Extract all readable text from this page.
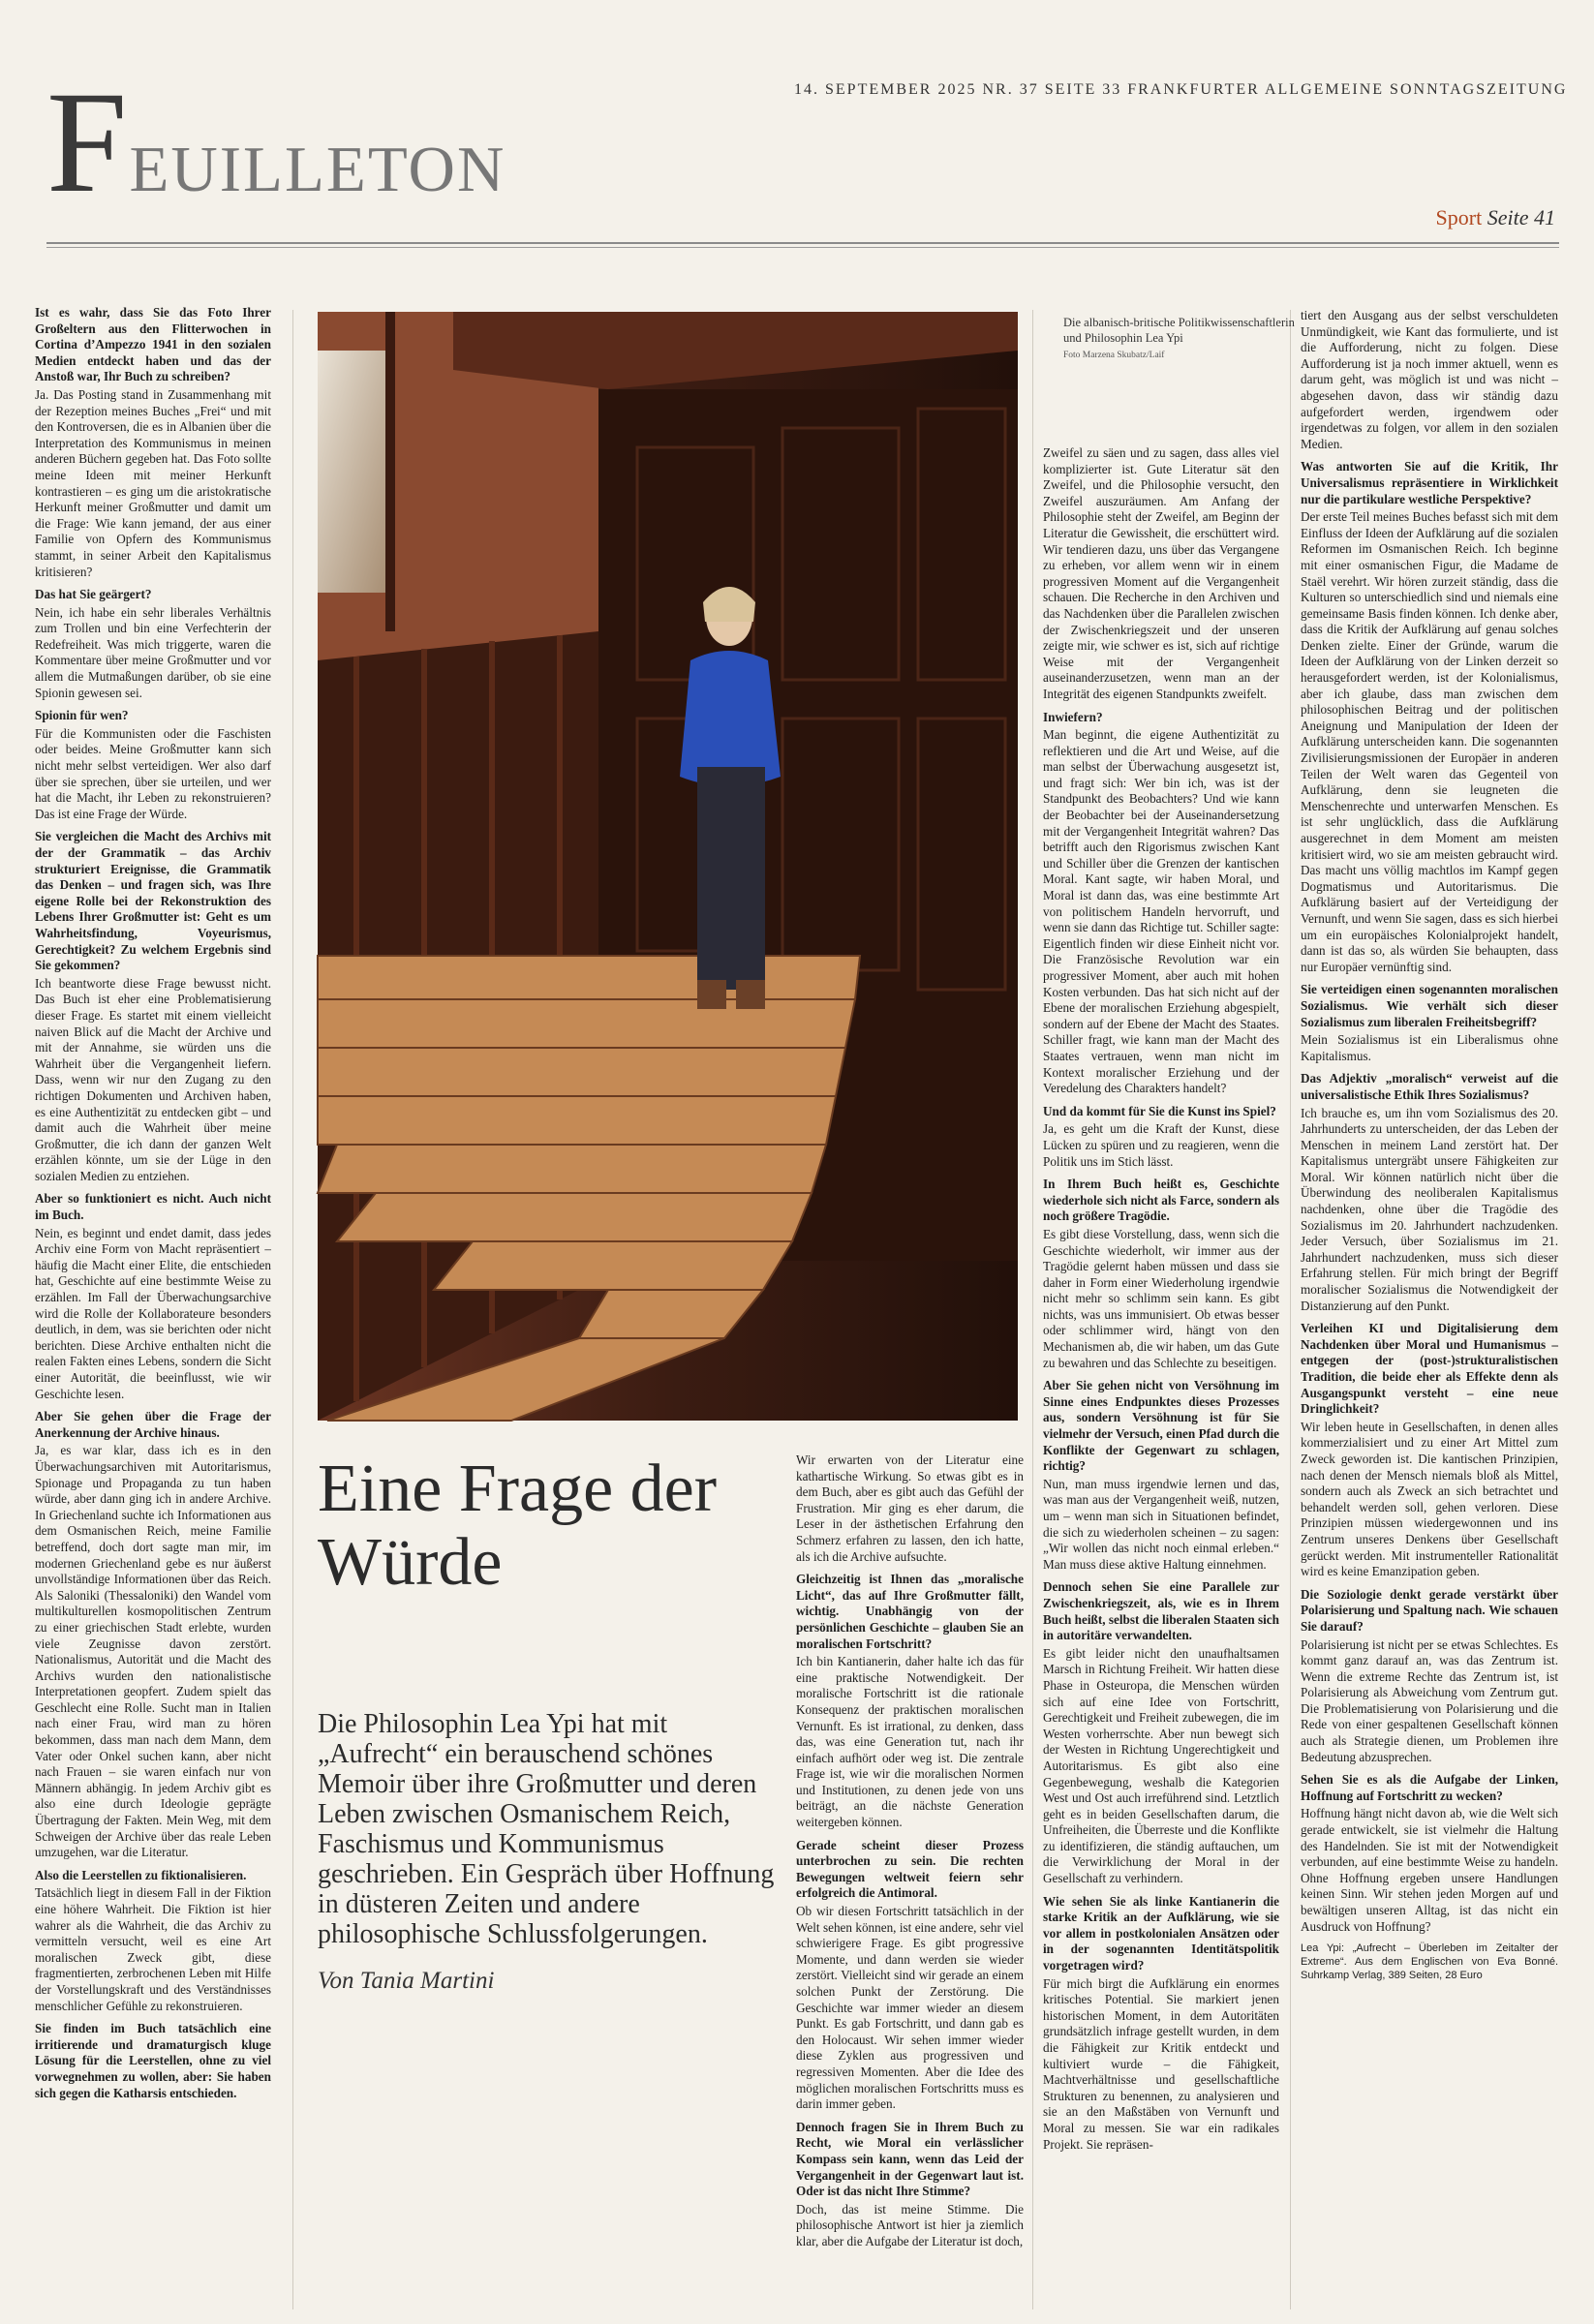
14. SEPTEMBER 2025 NR. 37 SEITE 33 FRANKFURTER ALLGEMEINE SONNTAGSZEITUNG
Feuilleton
Sport Seite 41

Ist es wahr, dass Sie das Foto Ihrer Großeltern aus den Flitterwochen in Cortina d’Ampezzo 1941 in den sozialen Medien entdeckt haben und das der Anstoß war, Ihr Buch zu schreiben?

Ja. Das Posting stand in Zusammenhang mit der Rezeption meines Buches „Frei“ und mit den Kontroversen, die es in Albanien über die Interpretation des Kommunismus in meinen anderen Büchern gegeben hat. Das Foto sollte meine Ideen mit meiner Herkunft kontrastieren – es ging um die aristokratische Herkunft meiner Großmutter und damit um die Frage: Wie kann jemand, der aus einer Familie von Opfern des Kommunismus stammt, in seiner Arbeit den Kapitalismus kritisieren?

Das hat Sie geärgert?

Nein, ich habe ein sehr liberales Verhältnis zum Trollen und bin eine Verfechterin der Redefreiheit. Was mich triggerte, waren die Kommentare über meine Großmutter und vor allem die Mutmaßungen darüber, ob sie eine Spionin gewesen sei.

Spionin für wen?

Für die Kommunisten oder die Faschisten oder beides. Meine Großmutter kann sich nicht mehr selbst verteidigen. Wer also darf über sie sprechen, über sie urteilen, und wer hat die Macht, ihr Leben zu rekonstruieren? Das ist eine Frage der Würde.

Sie vergleichen die Macht des Archivs mit der der Grammatik – das Archiv strukturiert Ereignisse, die Grammatik das Denken – und fragen sich, was Ihre eigene Rolle bei der Rekonstruktion des Lebens Ihrer Großmutter ist: Geht es um Wahrheitsfindung, Voyeurismus, Gerechtigkeit? Zu welchem Ergebnis sind Sie gekommen?

Ich beantworte diese Frage bewusst nicht. Das Buch ist eher eine Problematisierung dieser Frage. Es startet mit einem vielleicht naiven Blick auf die Macht der Archive und mit der Annahme, sie würden uns die Wahrheit über die Vergangenheit liefern. Dass, wenn wir nur den Zugang zu den richtigen Dokumenten und Archiven haben, es eine Authentizität zu entdecken gibt – und damit auch die Wahrheit über meine Großmutter, die ich dann der ganzen Welt erzählen könnte, um sie der Lüge in den sozialen Medien zu entziehen.

Aber so funktioniert es nicht. Auch nicht im Buch.

Nein, es beginnt und endet damit, dass jedes Archiv eine Form von Macht repräsentiert – häufig die Macht einer Elite, die entschieden hat, Geschichte auf eine bestimmte Weise zu erzählen. Im Fall der Überwachungsarchive wird die Rolle der Kollaborateure besonders deutlich, in dem, was sie berichten oder nicht berichten. Diese Archive enthalten nicht die realen Fakten eines Lebens, sondern die Sicht einer Autorität, die beeinflusst, wie wir Geschichte lesen.

Aber Sie gehen über die Frage der Anerkennung der Archive hinaus.

Ja, es war klar, dass ich es in den Überwachungsarchiven mit Autoritarismus, Spionage und Propaganda zu tun haben würde, aber dann ging ich in andere Archive. In Griechenland suchte ich Informationen aus dem Osmanischen Reich, meine Familie betreffend, doch dort sagte man mir, im modernen Griechenland gebe es nur äußerst unvollständige Informationen über das Reich. Als Saloniki (Thessaloniki) den Wandel vom multikulturellen kosmopolitischen Zentrum zu einer griechischen Stadt erlebte, wurden viele Zeugnisse davon zerstört. Nationalismus, Autorität und die Macht des Archivs wurden den nationalistische Interpretationen geopfert. Zudem spielt das Geschlecht eine Rolle. Sucht man in Italien nach einer Frau, wird man zu hören bekommen, dass man nach dem Mann, dem Vater oder Onkel suchen kann, aber nicht nach Frauen – sie waren einfach nur von Männern abhängig. In jedem Archiv gibt es also eine durch Ideologie geprägte Übertragung der Fakten. Mein Weg, mit dem Schweigen der Archive über das reale Leben umzugehen, war die Literatur.

Also die Leerstellen zu fiktionalisieren.

Tatsächlich liegt in diesem Fall in der Fiktion eine höhere Wahrheit. Die Fiktion ist hier wahrer als die Wahrheit, die das Archiv zu vermitteln versucht, weil es eine Art moralischen Zweck gibt, diese fragmentierten, zerbrochenen Leben mit Hilfe der Vorstellungskraft und des Verständnisses menschlicher Gefühle zu rekonstruieren.

Sie finden im Buch tatsächlich eine irritierende und dramaturgisch kluge Lösung für die Leerstellen, ohne zu viel vorwegnehmen zu wollen, aber: Sie haben sich gegen die Katharsis entschieden.

Die albanisch-britische Politikwissenschaftlerin und Philosophin Lea Ypi
Foto Marzena Skubatz/Laif

Zweifel zu säen und zu sagen, dass alles viel komplizierter ist. Gute Literatur sät den Zweifel, und die Philosophie versucht, den Zweifel auszuräumen. Am Anfang der Philosophie steht der Zweifel, am Beginn der Literatur die Gewissheit, die erschüttert wird. Wir tendieren dazu, uns über das Vergangene zu erheben, vor allem wenn wir in einem progressiven Moment auf die Vergangenheit schauen. Die Recherche in den Archiven und das Nachdenken über die Parallelen zwischen der Zwischenkriegszeit und der unseren zeigte mir, wie schwer es ist, sich auf richtige Weise mit der Vergangenheit auseinanderzusetzen, wenn man an der Integrität des eigenen Standpunkts zweifelt.

Inwiefern?

Man beginnt, die eigene Authentizität zu reflektieren und die Art und Weise, auf die man selbst der Überwachung ausgesetzt ist, und fragt sich: Wer bin ich, was ist der Standpunkt des Beobachters? Und wie kann der Beobachter bei der Auseinandersetzung mit der Vergangenheit Integrität wahren? Das betrifft auch den Rigorismus zwischen Kant und Schiller über die Grenzen der kantischen Moral. Kant sagte, wir haben Moral, und Moral ist dann das, was eine bestimmte Art von politischem Handeln hervorruft, und wenn sie dann das Richtige tut. Schiller sagte: Eigentlich finden wir diese Einheit nicht vor. Die Französische Revolution war ein progressiver Moment, aber auch mit hohen Kosten verbunden. Das hat sich nicht auf der Ebene der moralischen Erziehung abgespielt, sondern auf der Ebene der Macht des Staates. Schiller fragt, wie kann man der Macht des Staates vertrauen, wenn man nicht im Kontext moralischer Erziehung und der Veredelung des Charakters handelt?

Und da kommt für Sie die Kunst ins Spiel?

Ja, es geht um die Kraft der Kunst, diese Lücken zu spüren und zu reagieren, wenn die Politik uns im Stich lässt.

In Ihrem Buch heißt es, Geschichte wiederhole sich nicht als Farce, sondern als noch größere Tragödie.

Es gibt diese Vorstellung, dass, wenn sich die Geschichte wiederholt, wir immer aus der Tragödie gelernt haben müssen und dass sie daher in Form einer Wiederholung irgendwie nicht mehr so schlimm sein kann. Es gibt nichts, was uns immunisiert. Ob etwas besser oder schlimmer wird, hängt von den Mechanismen ab, die wir haben, um das Gute zu bewahren und das Schlechte zu beseitigen.

Aber Sie gehen nicht von Versöhnung im Sinne eines Endpunktes dieses Prozesses aus, sondern Versöhnung ist für Sie vielmehr der Versuch, einen Pfad durch die Konflikte der Gegenwart zu schlagen, richtig?

Nun, man muss irgendwie lernen und das, was man aus der Vergangenheit weiß, nutzen, um – wenn man sich in Situationen befindet, die sich zu wiederholen scheinen – zu sagen: „Wir wollen das nicht noch einmal erleben.“ Man muss diese aktive Haltung einnehmen.

Dennoch sehen Sie eine Parallele zur Zwischenkriegszeit, als, wie es in Ihrem Buch heißt, selbst die liberalen Staaten sich in autoritäre verwandelten.

Es gibt leider nicht den unaufhaltsamen Marsch in Richtung Freiheit. Wir hatten diese Phase in Osteuropa, die Menschen würden sich auf eine Idee von Fortschritt, Gerechtigkeit und Freiheit zubewegen, die im Westen vorherrschte. Aber nun bewegt sich der Westen in Richtung Ungerechtigkeit und Autoritarismus. Es gibt also eine Gegenbewegung, weshalb die Kategorien West und Ost auch irreführend sind. Letztlich geht es in beiden Gesellschaften darum, die Unfreiheiten, die Überreste und die Konflikte zu identifizieren, die ständig auftauchen, um die Verwirklichung der Moral in der Gesellschaft zu verhindern.

Wie sehen Sie als linke Kantianerin die starke Kritik an der Aufklärung, wie sie vor allem in postkolonialen Ansätzen oder in der sogenannten Identitätspolitik vorgetragen wird?

Für mich birgt die Aufklärung ein enormes kritisches Potential. Sie markiert jenen historischen Moment, in dem Autoritäten grundsätzlich infrage gestellt wurden, in dem die Fähigkeit zur Kritik entdeckt und kultiviert wurde – die Fähigkeit, Machtverhältnisse und gesellschaftliche Strukturen zu benennen, zu analysieren und sie an den Maßstäben von Vernunft und Moral zu messen. Sie war ein radikales Projekt. Sie repräsen-

tiert den Ausgang aus der selbst verschuldeten Unmündigkeit, wie Kant das formulierte, und ist die Aufforderung, nicht zu folgen. Diese Aufforderung ist ja noch immer aktuell, wenn es darum geht, was möglich ist und was nicht – abgesehen davon, dass wir ständig dazu aufgefordert werden, irgendwem oder irgendetwas zu folgen, vor allem in den sozialen Medien.

Was antworten Sie auf die Kritik, Ihr Universalismus repräsentiere in Wirklichkeit nur die partikulare westliche Perspektive?

Der erste Teil meines Buches befasst sich mit dem Einfluss der Ideen der Aufklärung auf die sozialen Reformen im Osmanischen Reich. Ich beginne mit einer osmanischen Figur, die Madame de Staël verehrt. Wir hören zurzeit ständig, dass die Kulturen so unterschiedlich sind und niemals eine gemeinsame Basis finden können. Ich denke aber, dass die Kritik der Aufklärung auf genau solches Denken zielte. Einer der Gründe, warum die Ideen der Aufklärung von der Linken derzeit so herausgefordert werden, ist der Kolonialismus, aber ich glaube, dass man zwischen dem philosophischen Beitrag und der politischen Aneignung und Manipulation der Ideen der Aufklärung unterscheiden kann. Die sogenannten Zivilisierungsmissionen der Europäer in anderen Teilen der Welt waren das Gegenteil von Aufklärung, denn sie leugneten die Menschenrechte und unterwarfen Menschen. Es ist sehr unglücklich, dass die Aufklärung ausgerechnet in dem Moment am meisten kritisiert wird, wo sie am meisten gebraucht wird. Das macht uns völlig machtlos im Kampf gegen Dogmatismus und Autoritarismus. Die Aufklärung basiert auf der Verteidigung der Vernunft, und wenn Sie sagen, dass es sich hierbei um ein europäisches Kolonialprojekt handelt, dann ist das so, als würden Sie behaupten, dass nur Europäer vernünftig sind.

Sie verteidigen einen sogenannten moralischen Sozialismus. Wie verhält sich dieser Sozialismus zum liberalen Freiheitsbegriff?

Mein Sozialismus ist ein Liberalismus ohne Kapitalismus.

Das Adjektiv „moralisch“ verweist auf die universalistische Ethik Ihres Sozialismus?

Ich brauche es, um ihn vom Sozialismus des 20. Jahrhunderts zu unterscheiden, der das Leben der Menschen in meinem Land zerstört hat. Der Kapitalismus untergräbt unsere Fähigkeiten zur Moral. Wir können natürlich nicht über die Überwindung des neoliberalen Kapitalismus nachdenken, ohne über die Tragödie des Sozialismus im 20. Jahrhundert nachzudenken. Jeder Versuch, über Sozialismus im 21. Jahrhundert nachzudenken, muss sich dieser Erfahrung stellen. Für mich bringt der Begriff moralischer Sozialismus die Notwendigkeit der Distanzierung auf den Punkt.

Verleihen KI und Digitalisierung dem Nachdenken über Moral und Humanismus – entgegen der (post-)strukturalistischen Tradition, die beide eher als Effekte denn als Ausgangspunkt versteht – eine neue Dringlichkeit?

Wir leben heute in Gesellschaften, in denen alles kommerzialisiert und zu einer Art Mittel zum Zweck geworden ist. Die kantischen Prinzipien, nach denen der Mensch niemals bloß als Mittel, sondern auch als Zweck an sich betrachtet und behandelt werden soll, gehen verloren. Diese Prinzipien müssen wiedergewonnen und ins Zentrum unseres Denkens über Gesellschaft gerückt werden. Mit instrumenteller Rationalität wird es keine Emanzipation geben.

Die Soziologie denkt gerade verstärkt über Polarisierung und Spaltung nach. Wie schauen Sie darauf?

Polarisierung ist nicht per se etwas Schlechtes. Es kommt ganz darauf an, was das Zentrum ist. Wenn die extreme Rechte das Zentrum ist, ist Polarisierung als Abweichung vom Zentrum gut. Die Problematisierung von Polarisierung und die Rede von einer gespaltenen Gesellschaft können auch als Strategie dienen, um Problemen ihre Bedeutung abzusprechen.

Sehen Sie es als die Aufgabe der Linken, Hoffnung auf Fortschritt zu wecken?

Hoffnung hängt nicht davon ab, wie die Welt sich gerade entwickelt, sie ist vielmehr die Haltung des Handelnden. Sie ist mit der Notwendigkeit verbunden, auf eine bestimmte Weise zu handeln. Ohne Hoffnung ergeben unsere Handlungen keinen Sinn. Wir stehen jeden Morgen auf und bewältigen unseren Alltag, ist das nicht ein Ausdruck von Hoffnung?

Lea Ypi: „Aufrecht – Überleben im Zeitalter der Extreme“. Aus dem Englischen von Eva Bonné. Suhrkamp Verlag, 389 Seiten, 28 Euro

Eine Frage der Würde
Die Philosophin Lea Ypi hat mit „Aufrecht“ ein berauschend schönes Memoir über ihre Großmutter und deren Leben zwischen Osmanischem Reich, Faschismus und Kommunismus geschrieben. Ein Gespräch über Hoffnung in düsteren Zeiten und andere philosophische Schlussfolgerungen.
Von Tania Martini

Wir erwarten von der Literatur eine kathartische Wirkung. So etwas gibt es in dem Buch, aber es gibt auch das Gefühl der Frustration. Mir ging es eher darum, die Leser in der ästhetischen Erfahrung den Schmerz erfahren zu lassen, den ich hatte, als ich die Archive aufsuchte.

Gleichzeitig ist Ihnen das „moralische Licht“, das auf Ihre Großmutter fällt, wichtig. Unabhängig von der persönlichen Geschichte – glauben Sie an moralischen Fortschritt?

Ich bin Kantianerin, daher halte ich das für eine praktische Notwendigkeit. Der moralische Fortschritt ist die rationale Konsequenz der praktischen moralischen Vernunft. Es ist irrational, zu denken, dass das, was eine Generation tut, nach ihr einfach aufhört oder weg ist. Die zentrale Frage ist, wie wir die moralischen Normen und Institutionen, zu denen jede von uns beiträgt, an die nächste Generation weitergeben können.

Gerade scheint dieser Prozess unterbrochen zu sein. Die rechten Bewegungen weltweit feiern sehr erfolgreich die Antimoral.

Ob wir diesen Fortschritt tatsächlich in der Welt sehen können, ist eine andere, sehr viel schwierigere Frage. Es gibt progressive Momente, und dann werden sie wieder zerstört. Vielleicht sind wir gerade an einem solchen Punkt der Zerstörung. Die Geschichte war immer wieder an diesem Punkt. Es gab Fortschritt, und dann gab es den Holocaust. Wir sehen immer wieder diese Zyklen aus progressiven und regressiven Momenten. Aber die Idee des möglichen moralischen Fortschritts muss es darin immer geben.

Dennoch fragen Sie in Ihrem Buch zu Recht, wie Moral ein verlässlicher Kompass sein kann, wenn das Leid der Vergangenheit in der Gegenwart laut ist. Oder ist das nicht Ihre Stimme?

Doch, das ist meine Stimme. Die philosophische Antwort ist hier ja ziemlich klar, aber die Aufgabe der Literatur ist doch,
